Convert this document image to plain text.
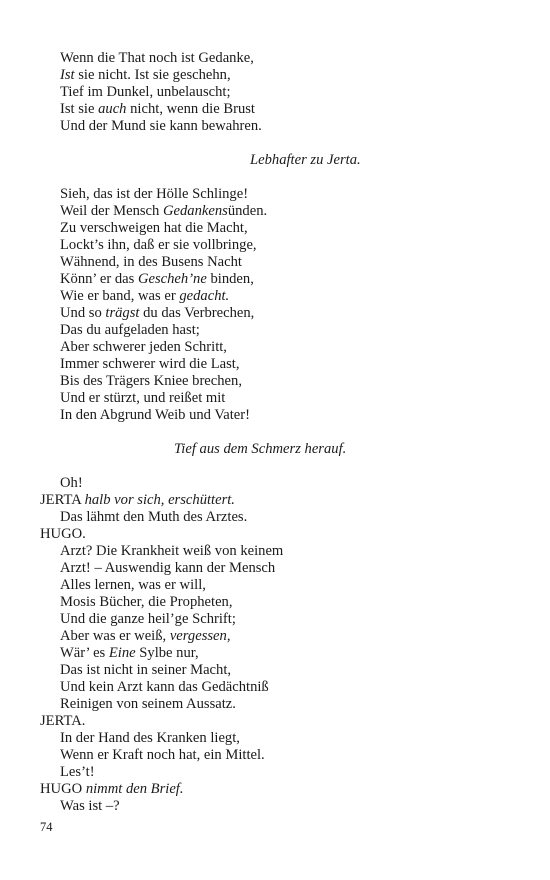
Wenn die That noch ist Gedanke,
Ist sie nicht. Ist sie geschehn,
Tief im Dunkel, unbelauscht;
Ist sie auch nicht, wenn die Brust
Und der Mund sie kann bewahren.
Lebhafter zu Jerta.
Sieh, das ist der Hölle Schlinge!
Weil der Mensch Gedankensünden.
Zu verschweigen hat die Macht,
Lockt’s ihn, daß er sie vollbringe,
Wähnend, in des Busens Nacht
Könn’ er das Gescheh’ne binden,
Wie er band, was er gedacht.
Und so trägst du das Verbrechen,
Das du aufgeladen hast;
Aber schwerer jeden Schritt,
Immer schwerer wird die Last,
Bis des Trägers Kniee brechen,
Und er stürzt, und reißet mit
In den Abgrund Weib und Vater!
Tief aus dem Schmerz herauf.
Oh!
JERTA halb vor sich, erschüttert.
Das lähmt den Muth des Arztes.
HUGO.
Arzt? Die Krankheit weiß von keinem
Arzt! – Auswendig kann der Mensch
Alles lernen, was er will,
Mosis Bücher, die Propheten,
Und die ganze heil’ge Schrift;
Aber was er weiß, vergessen,
Wär’ es Eine Sylbe nur,
Das ist nicht in seiner Macht,
Und kein Arzt kann das Gedächtniß
Reinigen von seinem Aussatz.
JERTA.
In der Hand des Kranken liegt,
Wenn er Kraft noch hat, ein Mittel.
Les’t!
HUGO nimmt den Brief.
Was ist –?
74
